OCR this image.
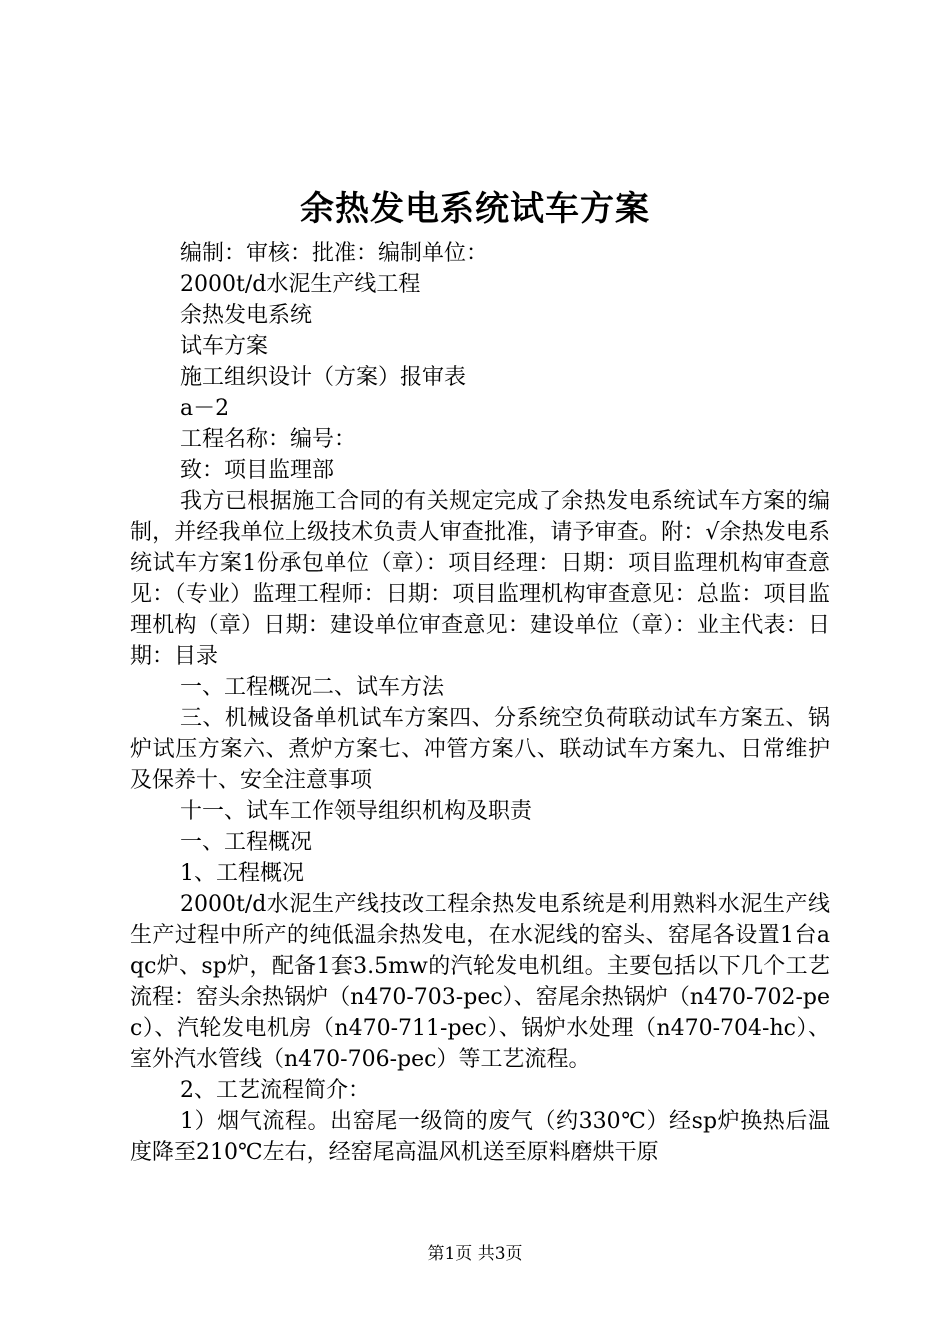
余热发电系统试车方案

编制：审核：批准：编制单位：

2000t/d水泥生产线工程

余热发电系统

试车方案

施工组织设计（方案）报审表

a－2

工程名称：编号：

致：项目监理部

我方已根据施工合同的有关规定完成了余热发电系统试车方案的编制，并经我单位上级技术负责人审查批准，请予审查。附：√余热发电系统试车方案1份承包单位（章）：项目经理：日期：项目监理机构审查意见：（专业）监理工程师：日期：项目监理机构审查意见：总监：项目监理机构（章）日期：建设单位审查意见：建设单位（章）：业主代表：日期：目录

一、工程概况二、试车方法

三、机械设备单机试车方案四、分系统空负荷联动试车方案五、锅炉试压方案六、煮炉方案七、冲管方案八、联动试车方案九、日常维护及保养十、安全注意事项

十一、试车工作领导组织机构及职责

一、工程概况

1、工程概况

2000t/d水泥生产线技改工程余热发电系统是利用熟料水泥生产线生产过程中所产的纯低温余热发电，在水泥线的窑头、窑尾各设置1台aqc炉、sp炉，配备1套3.5mw的汽轮发电机组。主要包括以下几个工艺流程：窑头余热锅炉（n470-703-pec）、窑尾余热锅炉（n470-702-pec）、汽轮发电机房（n470-711-pec）、锅炉水处理（n470-704-hc）、室外汽水管线（n470-706-pec）等工艺流程。

2、工艺流程简介：

1）烟气流程。出窑尾一级筒的废气（约330℃）经sp炉换热后温度降至210℃左右，经窑尾高温风机送至原料磨烘干原

第1页 共3页
